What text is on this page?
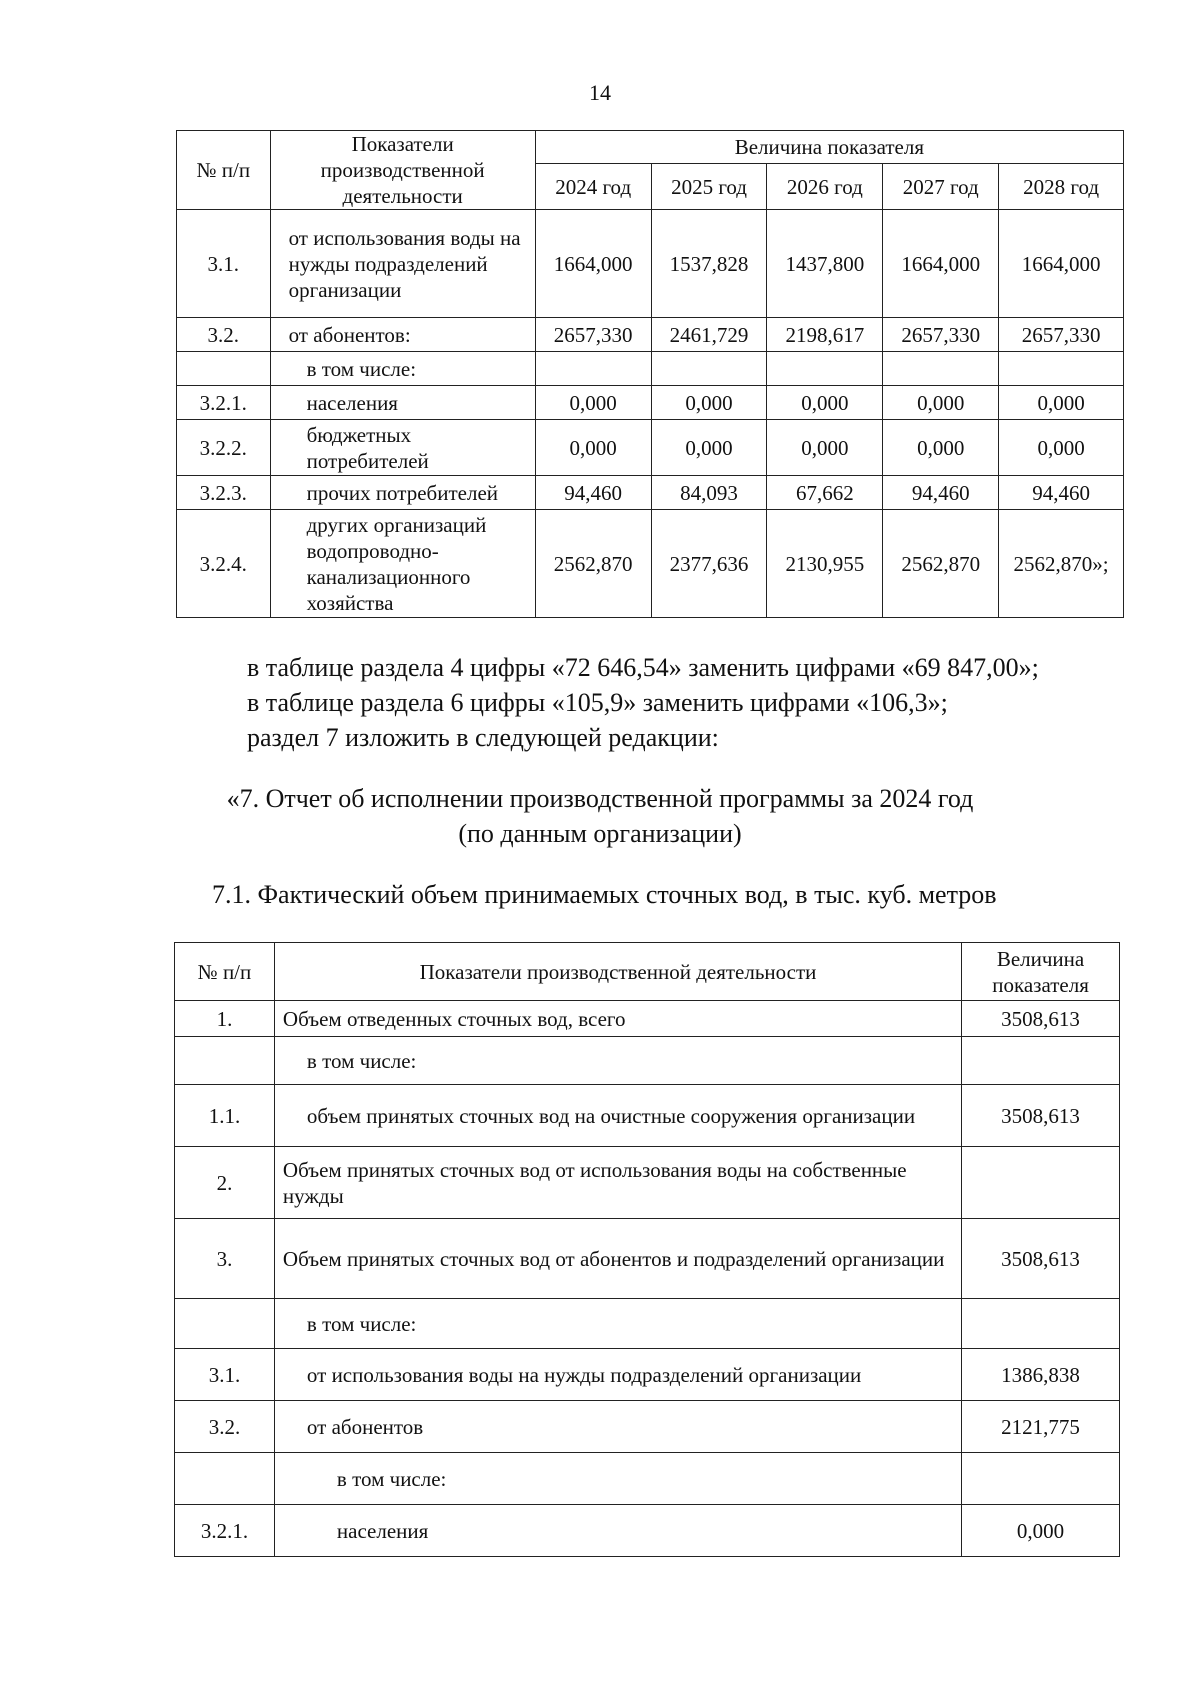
14
№ п/п	Показатели производственной деятельности	Величина показателя				
		2024 год	2025 год	2026 год	2027 год	2028 год
3.1.	от использования воды на нужды подразделений организации	1664,000	1537,828	1437,800	1664,000	1664,000
3.2.	от абонентов:	2657,330	2461,729	2198,617	2657,330	2657,330
	в том числе:					
3.2.1.	населения	0,000	0,000	0,000	0,000	0,000
3.2.2.	бюджетных потребителей	0,000	0,000	0,000	0,000	0,000
3.2.3.	прочих потребителей	94,460	84,093	67,662	94,460	94,460
3.2.4.	других организаций водопроводно-канализационного хозяйства	2562,870	2377,636	2130,955	2562,870	2562,870»;
в таблице раздела 4 цифры «72 646,54» заменить цифрами «69 847,00»;
в таблице раздела 6 цифры «105,9» заменить цифрами «106,3»;
раздел 7 изложить в следующей редакции:
«7. Отчет об исполнении производственной программы за 2024 год
(по данным организации)
7.1. Фактический объем принимаемых сточных вод, в тыс. куб. метров
№ п/п	Показатели производственной деятельности	Величина показателя
1.	Объем отведенных сточных вод, всего	3508,613
	в том числе:	
1.1.	объем принятых сточных вод на очистные сооружения организации	3508,613
2.	Объем принятых сточных вод от использования воды на собственные нужды	
3.	Объем принятых сточных вод от абонентов и подразделений организации	3508,613
	в том числе:	
3.1.	от использования воды на нужды подразделений организации	1386,838
3.2.	от абонентов	2121,775
	в том числе:	
3.2.1.	населения	0,000
